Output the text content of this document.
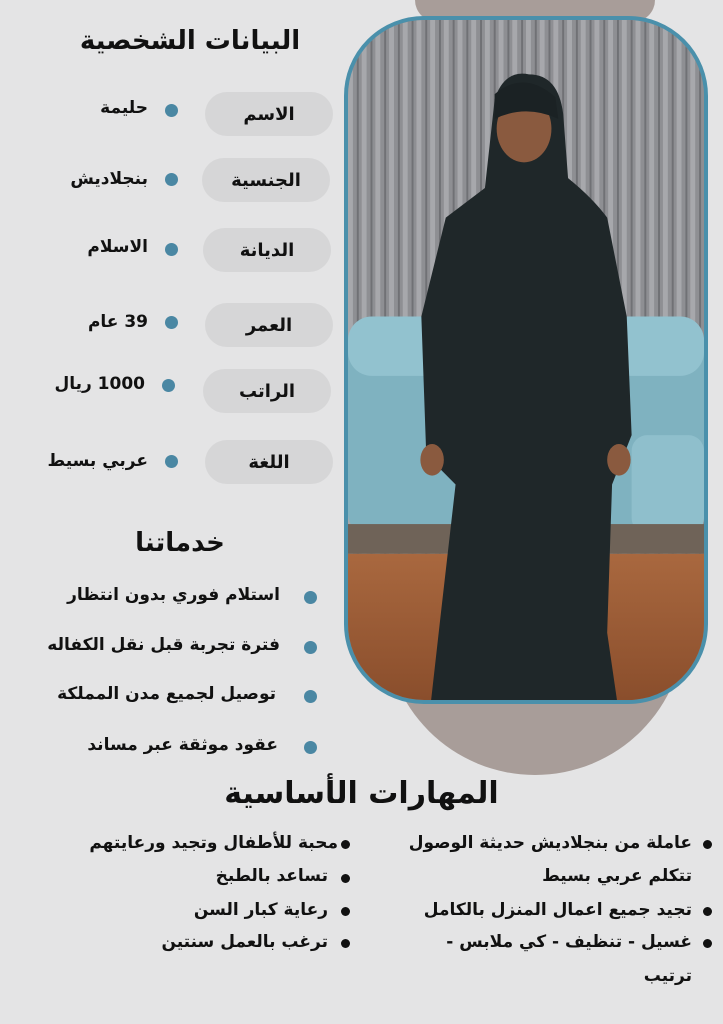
البيانات الشخصية
الاسم
حليمة
الجنسية
بنجلاديش
الديانة
الاسلام
العمر
39 عام
الراتب
1000 ريال
اللغة
عربي بسيط
خدماتنا
استلام فوري بدون انتظار
فترة تجربة قبل نقل الكفاله
توصيل لجميع مدن المملكة
عقود موثقة عبر مساند
المهارات الأساسية
عاملة من بنجلاديش حديثة الوصول
تتكلم عربي بسيط
تجيد جميع اعمال المنزل بالكامل
غسيل - تنظيف - كي ملابس -
ترتيب
محبة للأطفال وتجيد ورعايتهم
تساعد بالطبخ
رعاية كبار السن
ترغب بالعمل سنتين
